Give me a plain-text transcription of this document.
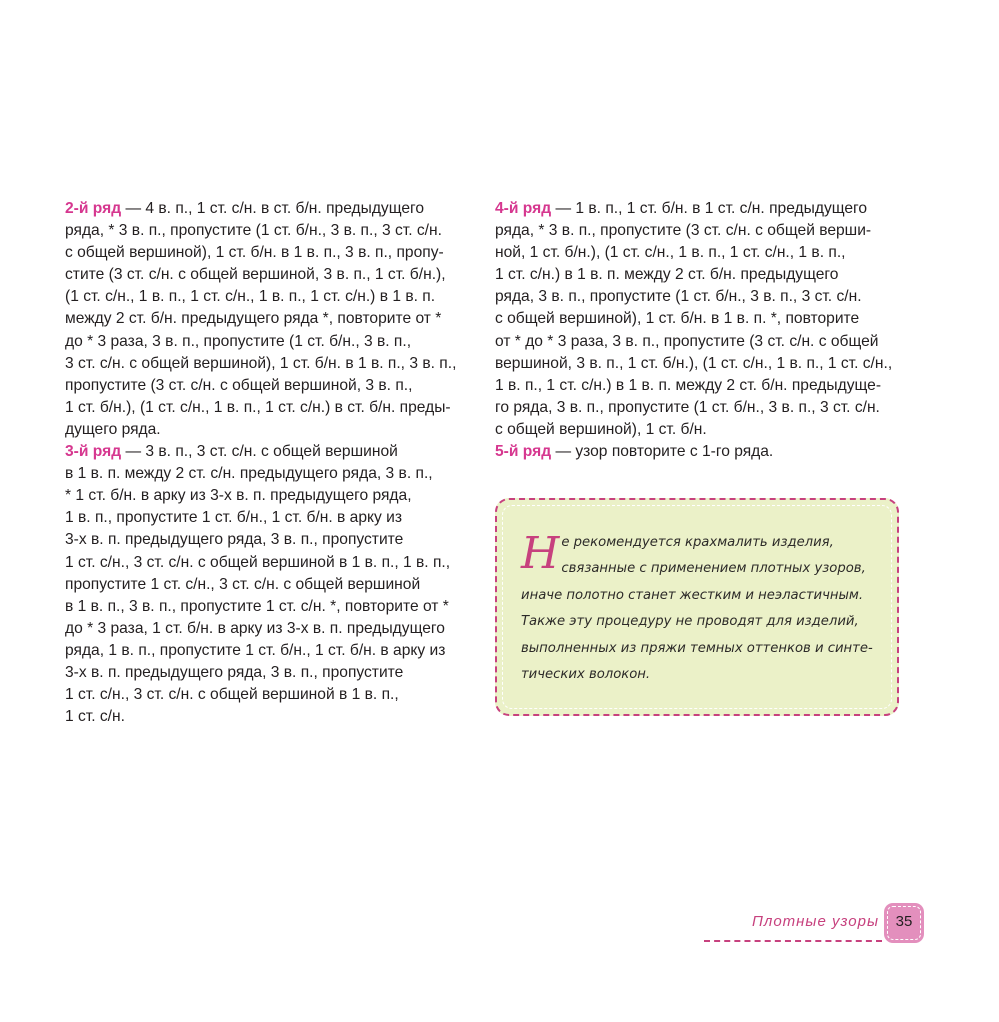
2-й ряд — 4 в. п., 1 ст. с/н. в ст. б/н. предыдущего
ряда, * 3 в. п., пропустите (1 ст. б/н., 3 в. п., 3 ст. с/н.
с общей вершиной), 1 ст. б/н. в 1 в. п., 3 в. п., пропу-
стите (3 ст. с/н. с общей вершиной, 3 в. п., 1 ст. б/н.),
(1 ст. с/н., 1 в. п., 1 ст. с/н., 1 в. п., 1 ст. с/н.) в 1 в. п.
между 2 ст. б/н. предыдущего ряда *, повторите от *
до * 3 раза, 3 в. п., пропустите (1 ст. б/н., 3 в. п.,
3 ст. с/н. с общей вершиной), 1 ст. б/н. в 1 в. п., 3 в. п.,
пропустите (3 ст. с/н. с общей вершиной, 3 в. п.,
1 ст. б/н.), (1 ст. с/н., 1 в. п., 1 ст. с/н.) в ст. б/н. преды-
дущего ряда.
3-й ряд — 3 в. п., 3 ст. с/н. с общей вершиной
в 1 в. п. между 2 ст. с/н. предыдущего ряда, 3 в. п.,
* 1 ст. б/н. в арку из 3-х в. п. предыдущего ряда,
1 в. п., пропустите 1 ст. б/н., 1 ст. б/н. в арку из
3-х в. п. предыдущего ряда, 3 в. п., пропустите
1 ст. с/н., 3 ст. с/н. с общей вершиной в 1 в. п., 1 в. п.,
пропустите 1 ст. с/н., 3 ст. с/н. с общей вершиной
в 1 в. п., 3 в. п., пропустите 1 ст. с/н. *, повторите от *
до * 3 раза, 1 ст. б/н. в арку из 3-х в. п. предыдущего
ряда, 1 в. п., пропустите 1 ст. б/н., 1 ст. б/н. в арку из
3-х в. п. предыдущего ряда, 3 в. п., пропустите
1 ст. с/н., 3 ст. с/н. с общей вершиной в 1 в. п.,
1 ст. с/н.
4-й ряд — 1 в. п., 1 ст. б/н. в 1 ст. с/н. предыдущего
ряда, * 3 в. п., пропустите (3 ст. с/н. с общей верши-
ной, 1 ст. б/н.), (1 ст. с/н., 1 в. п., 1 ст. с/н., 1 в. п.,
1 ст. с/н.) в 1 в. п. между 2 ст. б/н. предыдущего
ряда, 3 в. п., пропустите (1 ст. б/н., 3 в. п., 3 ст. с/н.
с общей вершиной), 1 ст. б/н. в 1 в. п. *, повторите
от * до * 3 раза, 3 в. п., пропустите (3 ст. с/н. с общей
вершиной, 3 в. п., 1 ст. б/н.), (1 ст. с/н., 1 в. п., 1 ст. с/н.,
1 в. п., 1 ст. с/н.) в 1 в. п. между 2 ст. б/н. предыдуще-
го ряда, 3 в. п., пропустите (1 ст. б/н., 3 в. п., 3 ст. с/н.
с общей вершиной), 1 ст. б/н.
5-й ряд — узор повторите с 1-го ряда.
Н е рекомендуется крахмалить изделия,
связанные с применением плотных узоров,
иначе полотно станет жестким и неэластичным.
Также эту процедуру не проводят для изделий,
выполненных из пряжи темных оттенков и синте-
тических волокон.
Плотные узоры	35
